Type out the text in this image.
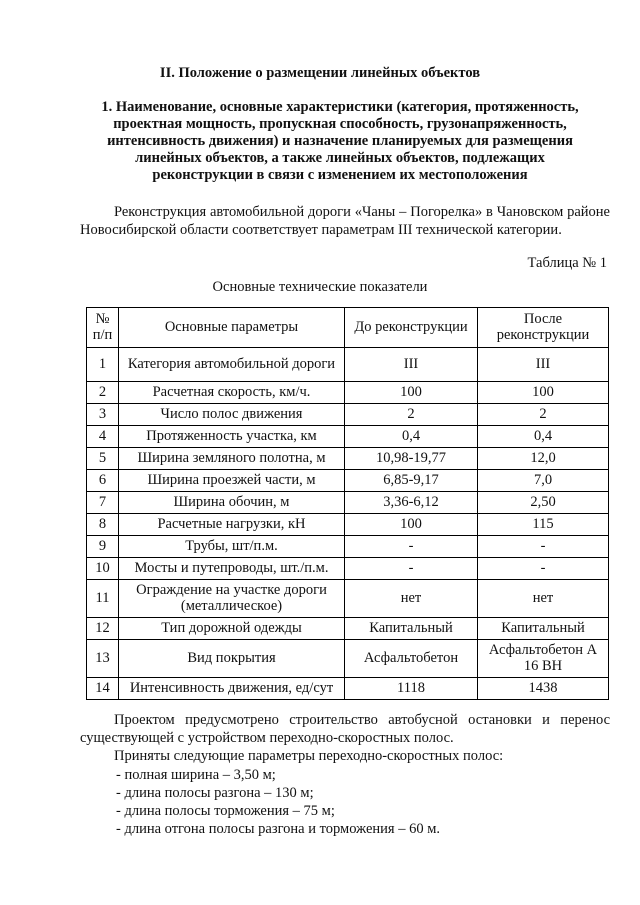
II. Положение о размещении линейных объектов
1. Наименование, основные характеристики (категория, протяженность,
проектная мощность, пропускная способность, грузонапряженность,
интенсивность движения) и назначение планируемых для размещения
линейных объектов, а также линейных объектов, подлежащих
реконструкции в связи с изменением их местоположения
Реконструкция автомобильной дороги «Чаны – Погорелка» в Чановском районе Новосибирской области соответствует параметрам III технической категории.
Таблица № 1
Основные технические показатели
№ п/п	Основные параметры	До реконструкции	После реконструкции
1	Категория автомобильной дороги	III	III
2	Расчетная скорость, км/ч.	100	100
3	Число полос движения	2	2
4	Протяженность участка, км	0,4	0,4
5	Ширина земляного полотна, м	10,98-19,77	12,0
6	Ширина проезжей части, м	6,85-9,17	7,0
7	Ширина обочин, м	3,36-6,12	2,50
8	Расчетные нагрузки, кН	100	115
9	Трубы, шт/п.м.	-	-
10	Мосты и путепроводы, шт./п.м.	-	-
11	Ограждение на участке дороги (металлическое)	нет	нет
12	Тип дорожной одежды	Капитальный	Капитальный
13	Вид покрытия	Асфальтобетон	Асфальтобетон А 16 ВН
14	Интенсивность движения, ед/сут	1118	1438
Проектом предусмотрено строительство автобусной остановки и перенос существующей с устройством переходно-скоростных полос.
Приняты следующие параметры переходно-скоростных полос:
- полная ширина – 3,50 м;
- длина полосы разгона – 130 м;
- длина полосы торможения – 75 м;
- длина отгона полосы разгона и торможения – 60 м.
